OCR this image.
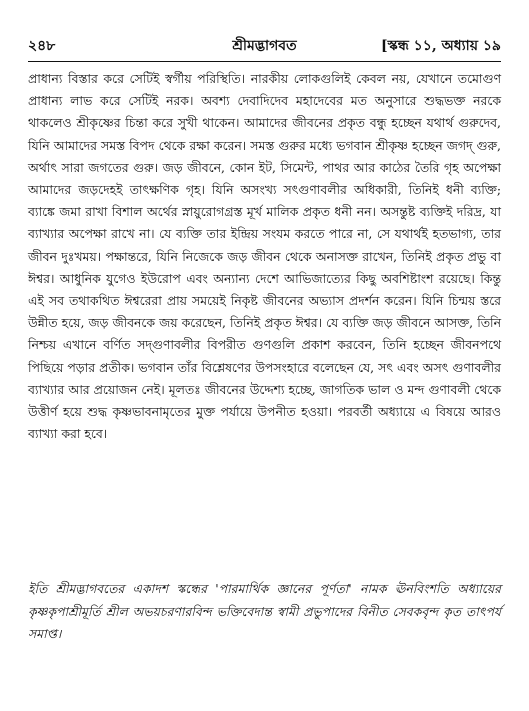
২৪৮	শ্রীমদ্ভাগবত	[স্কন্ধ ১১, অধ্যায় ১৯

প্রাধান্য বিস্তার করে সেটিই স্বর্গীয় পরিস্থিতি। নারকীয় লোকগুলিই কেবল নয়, যেখানে তমোগুণ প্রাধান্য লাভ করে সেটিই নরক। অবশ্য দেবাদিদেব মহাদেবের মত অনুসারে শুদ্ধভক্ত নরকে থাকলেও শ্রীকৃষ্ণের চিন্তা করে সুখী থাকেন। আমাদের জীবনের প্রকৃত বন্ধু হচ্ছেন যথার্থ গুরুদেব, যিনি আমাদের সমস্ত বিপদ থেকে রক্ষা করেন। সমস্ত গুরুর মধ্যে ভগবান শ্রীকৃষ্ণ হচ্ছেন জগদ্ গুরু, অর্থাৎ সারা জগতের গুরু। জড় জীবনে, কোন ইট, সিমেন্ট, পাথর আর কাঠের তৈরি গৃহ অপেক্ষা আমাদের জড়দেহই তাৎক্ষণিক গৃহ। যিনি অসংখ্য সৎগুণাবলীর অধিকারী, তিনিই ধনী ব্যক্তি; ব্যাঙ্কে জমা রাখা বিশাল অর্থের স্নায়ুরোগগ্রস্ত মূর্খ মালিক প্রকৃত ধনী নন। অসন্তুষ্ট ব্যক্তিই দরিদ্র, যা ব্যাখ্যার অপেক্ষা রাখে না। যে ব্যক্তি তার ইন্দ্রিয় সংযম করতে পারে না, সে যথার্থই হতভাগ্য, তার জীবন দুঃখময়। পক্ষান্তরে, যিনি নিজেকে জড় জীবন থেকে অনাসক্ত রাখেন, তিনিই প্রকৃত প্রভু বা ঈশ্বর। আধুনিক যুগেও ইউরোপ এবং অন্যান্য দেশে আভিজাত্যের কিছু অবশিষ্টাংশ রয়েছে। কিন্তু এই সব তথাকথিত ঈশ্বরেরা প্রায় সময়েই নিকৃষ্ট জীবনের অভ্যাস প্রদর্শন করেন। যিনি চিন্ময় স্তরে উন্নীত হয়ে, জড় জীবনকে জয় করেছেন, তিনিই প্রকৃত ঈশ্বর। যে ব্যক্তি জড় জীবনে আসক্ত, তিনি নিশ্চয় এখানে বর্ণিত সদ্গুণাবলীর বিপরীত গুণগুলি প্রকাশ করবেন, তিনি হচ্ছেন জীবনপথে পিছিয়ে পড়ার প্রতীক। ভগবান তাঁর বিশ্লেষণের উপসংহারে বলেছেন যে, সৎ এবং অসৎ গুণাবলীর ব্যাখ্যার আর প্রয়োজন নেই। মূলতঃ জীবনের উদ্দেশ্য হচ্ছে, জাগতিক ভাল ও মন্দ গুণাবলী থেকে উত্তীর্ণ হয়ে শুদ্ধ কৃষ্ণভাবনামৃতের মুক্ত পর্যায়ে উপনীত হওয়া। পরবর্তী অধ্যায়ে এ বিষয়ে আরও ব্যাখ্যা করা হবে।

ইতি শ্রীমদ্ভাগবতের একাদশ স্কন্ধের 'পারমার্থিক জ্ঞানের পূর্ণতা' নামক ঊনবিংশতি অধ্যায়ের কৃষ্ণকৃপাশ্রীমূর্তি শ্রীল অভয়চরণারবিন্দ ভক্তিবেদান্ত স্বামী প্রভুপাদের বিনীত সেবকবৃন্দ কৃত তাৎপর্য সমাপ্ত।
